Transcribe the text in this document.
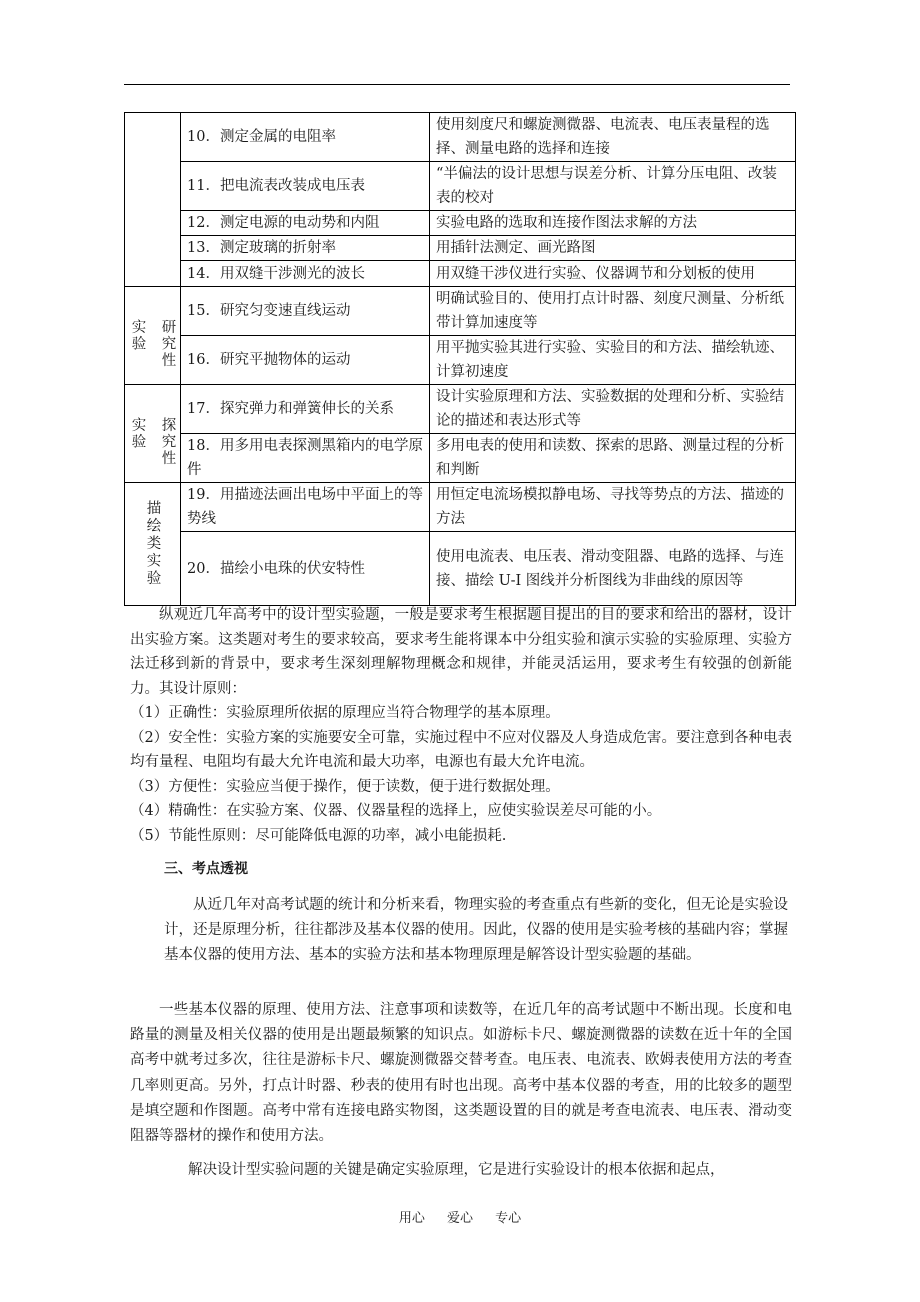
	10．测定金属的电阻率	使用刻度尺和螺旋测微器、电流表、电压表量程的选择、测量电路的选择和连接
	11．把电流表改装成电压表	“半偏法的设计思想与误差分析、计算分压电阻、改装表的校对
	12．测定电源的电动势和内阻	实验电路的选取和连接作图法求解的方法
	13．测定玻璃的折射率	用插针法测定、画光路图
	14．用双缝干涉测光的波长	用双缝干涉仪进行实验、仪器调节和分划板的使用

研究性
实验	15．研究匀变速直线运动	明确试验目的、使用打点计时器、刻度尺测量、分析纸带计算加速度等
	16．研究平抛物体的运动	用平抛实验其进行实验、实验目的和方法、描绘轨迹、计算初速度

探究性
实验	17．探究弹力和弹簧伸长的关系	设计实验原理和方法、实验数据的处理和分析、实验结论的描述和表达形式等
	18．用多用电表探测黑箱内的电学原件	多用电表的使用和读数、探索的思路、测量过程的分析和判断

描绘类实验	19．用描迹法画出电场中平面上的等势线	用恒定电流场模拟静电场、寻找等势点的方法、描迹的方法
	20．描绘小电珠的伏安特性	使用电流表、电压表、滑动变阻器、电路的选择、与连接、描绘 U-I 图线并分析图线为非曲线的原因等

纵观近几年高考中的设计型实验题，一般是要求考生根据题目提出的目的要求和给出的器材，设计出实验方案。这类题对考生的要求较高，要求考生能将课本中分组实验和演示实验的实验原理、实验方法迁移到新的背景中，要求考生深刻理解物理概念和规律，并能灵活运用，要求考生有较强的创新能力。其设计原则：

（1）正确性：实验原理所依据的原理应当符合物理学的基本原理。

（2）安全性：实验方案的实施要安全可靠，实施过程中不应对仪器及人身造成危害。要注意到各种电表均有量程、电阻均有最大允许电流和最大功率，电源也有最大允许电流。

（3）方便性：实验应当便于操作，便于读数，便于进行数据处理。

（4）精确性：在实验方案、仪器、仪器量程的选择上，应使实验误差尽可能的小。

（5）节能性原则：尽可能降低电源的功率，减小电能损耗.

三、考点透视

从近几年对高考试题的统计和分析来看，物理实验的考查重点有些新的变化，但无论是实验设计，还是原理分析，往往都涉及基本仪器的使用。因此，仪器的使用是实验考核的基础内容；掌握基本仪器的使用方法、基本的实验方法和基本物理原理是解答设计型实验题的基础。

一些基本仪器的原理、使用方法、注意事项和读数等，在近几年的高考试题中不断出现。长度和电路量的测量及相关仪器的使用是出题最频繁的知识点。如游标卡尺、螺旋测微器的读数在近十年的全国高考中就考过多次，往往是游标卡尺、螺旋测微器交替考查。电压表、电流表、欧姆表使用方法的考查几率则更高。另外，打点计时器、秒表的使用有时也出现。高考中基本仪器的考查，用的比较多的题型是填空题和作图题。高考中常有连接电路实物图，这类题设置的目的就是考查电流表、电压表、滑动变阻器等器材的操作和使用方法。

解决设计型实验问题的关键是确定实验原理，它是进行实验设计的根本依据和起点，

用心 爱心 专心
